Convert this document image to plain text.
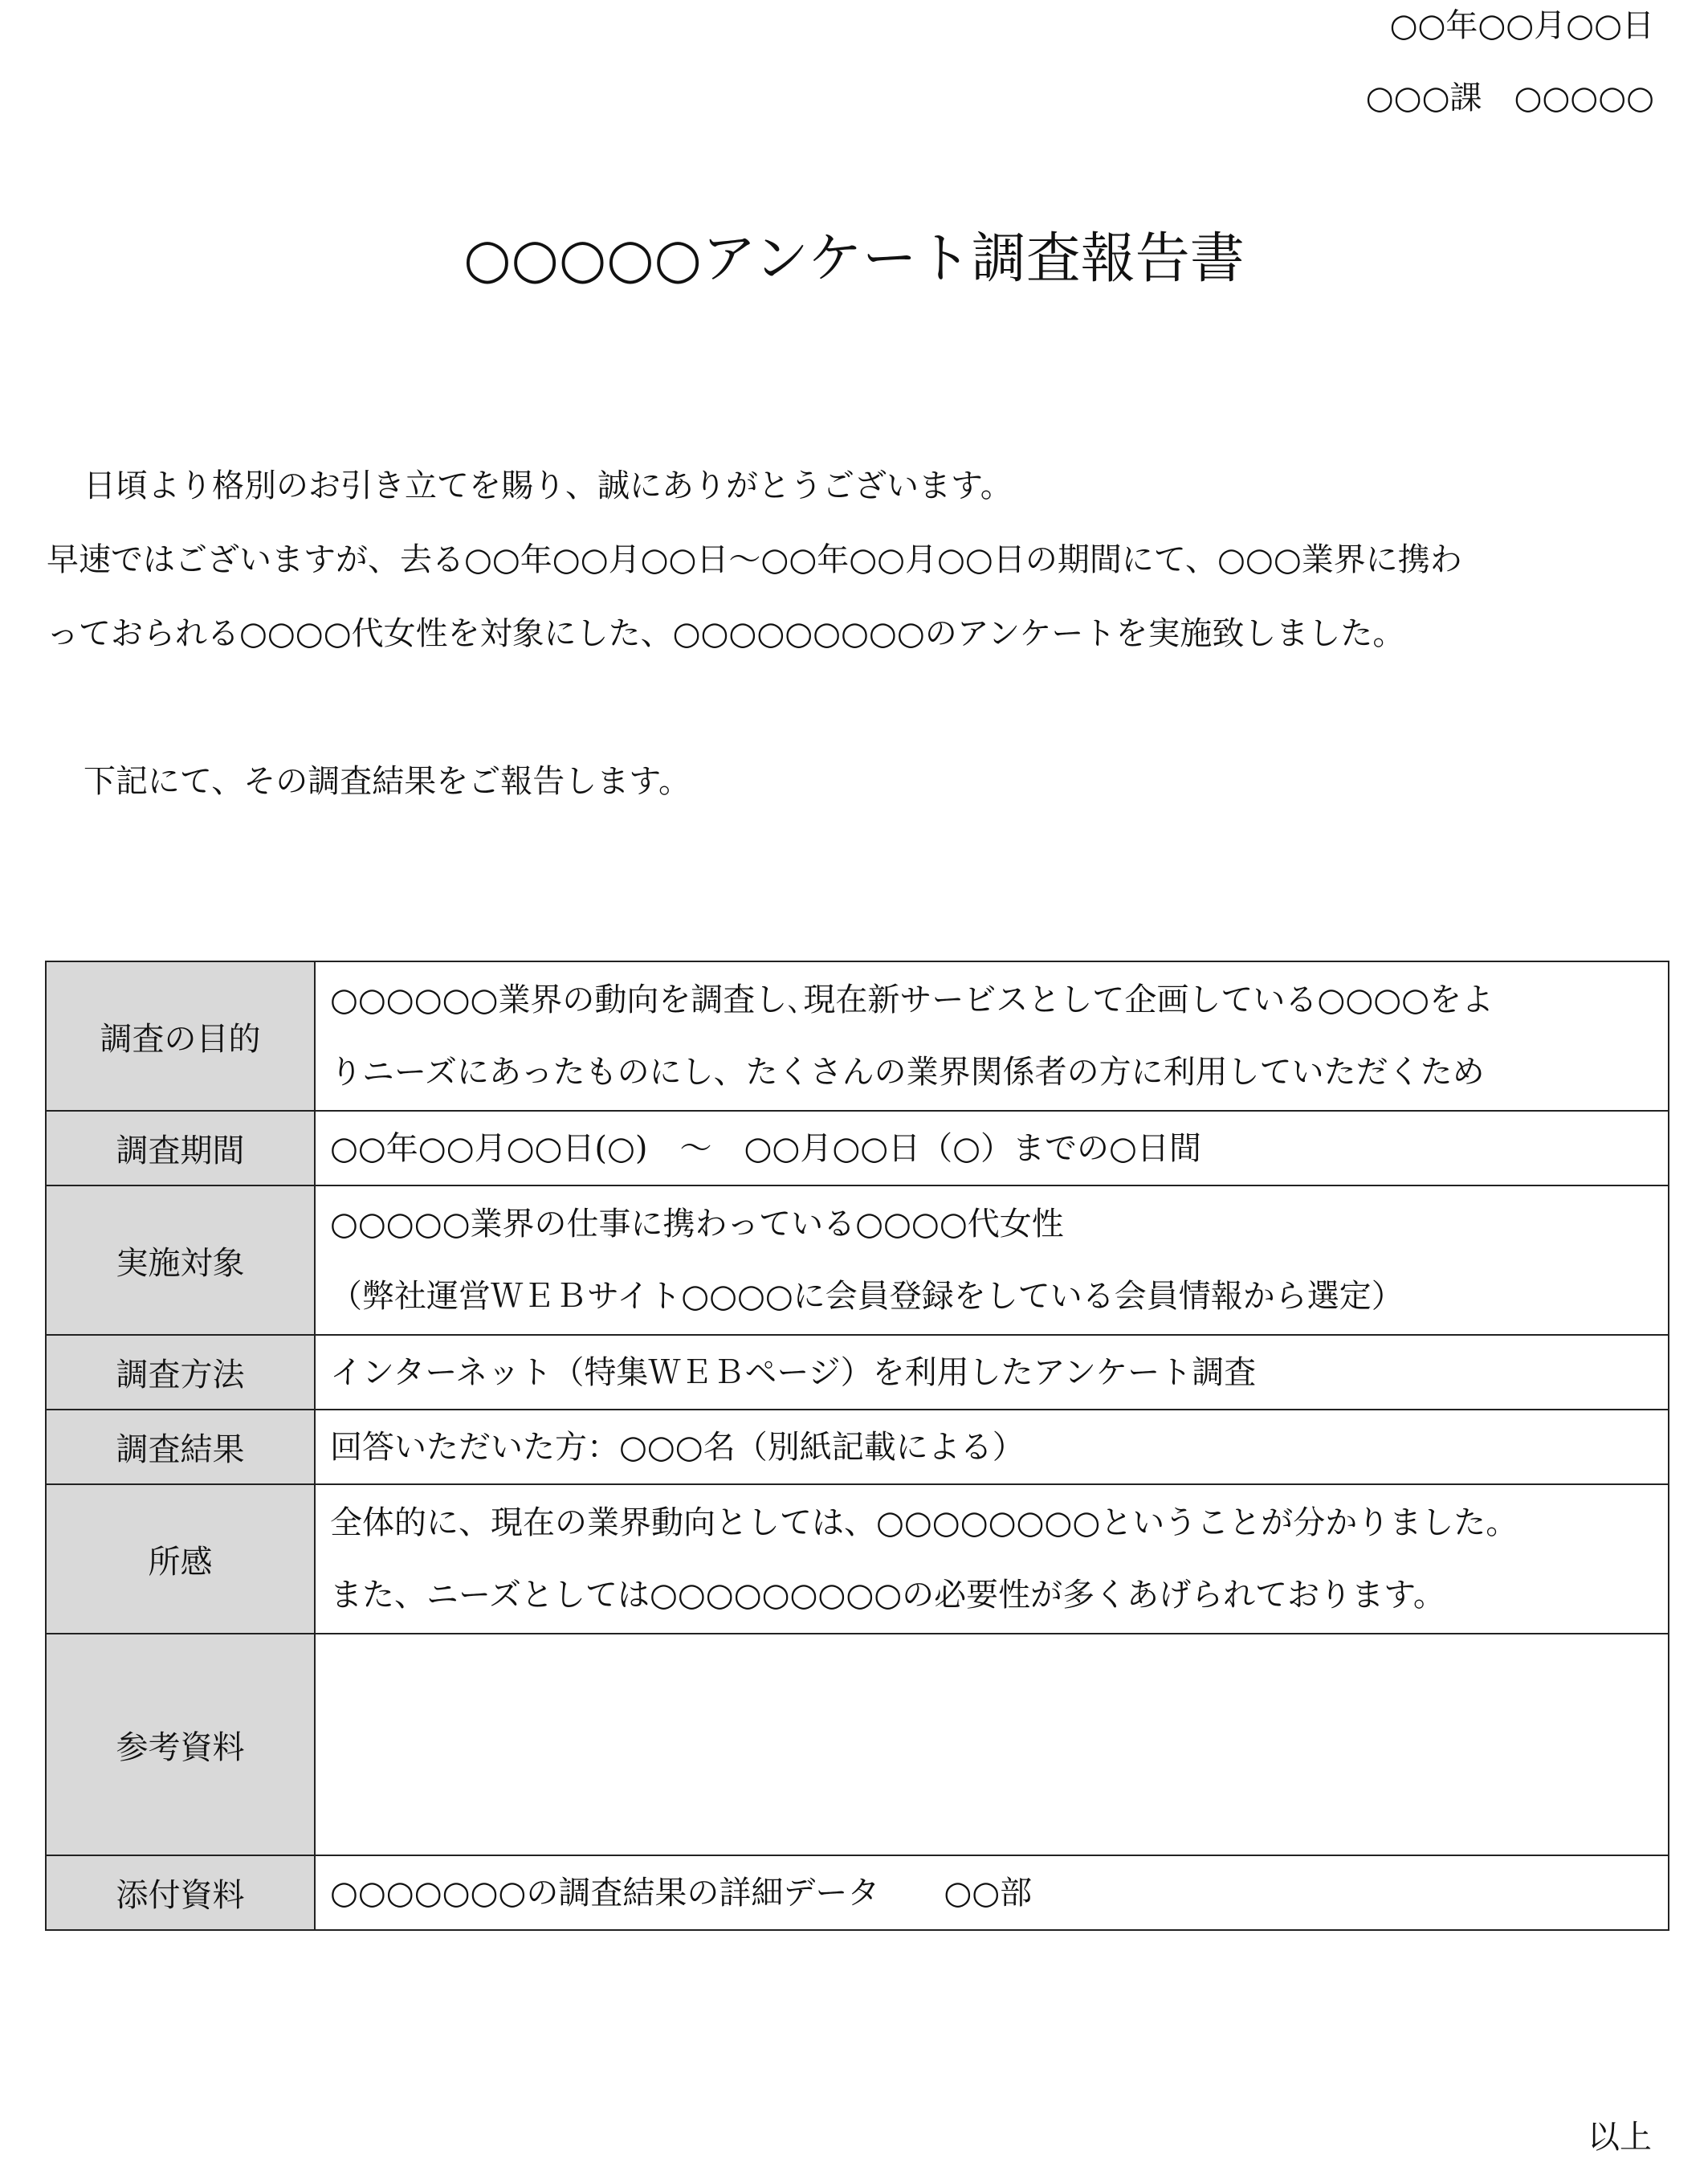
○○年○○月○○日
○○○課　○○○○○
○○○○○アンケート調査報告書

日頃より格別のお引き立てを賜り、誠にありがとうございます。

早速ではございますが、去る○○年○○月○○日～○○年○○月○○日の期間にて、○○○業界に携わ

っておられる○○○○代女性を対象にした、○○○○○○○○○のアンケートを実施致しました。

下記にて、その調査結果をご報告します。

調査の目的	○○○○○○業界の動向を調査し､現在新サービスとして企画している○○○○をよ
りニーズにあったものにし、たくさんの業界関係者の方に利用していただくため

調査期間	○○年○○月○○日(○)　～　○○月○○日（○）までの○日間

実施対象	○○○○○業界の仕事に携わっている○○○○代女性
（弊社運営ＷＥＢサイト○○○○に会員登録をしている会員情報から選定）

調査方法	インターネット（特集ＷＥＢページ）を利用したアンケート調査

調査結果	回答いただいた方：○○○名（別紙記載による）

所感	全体的に、現在の業界動向としては、○○○○○○○○ということが分かりました。
また、ニーズとしては○○○○○○○○○の必要性が多くあげられております。

参考資料	
添付資料	○○○○○○○の調査結果の詳細データ　　○○部
以上
